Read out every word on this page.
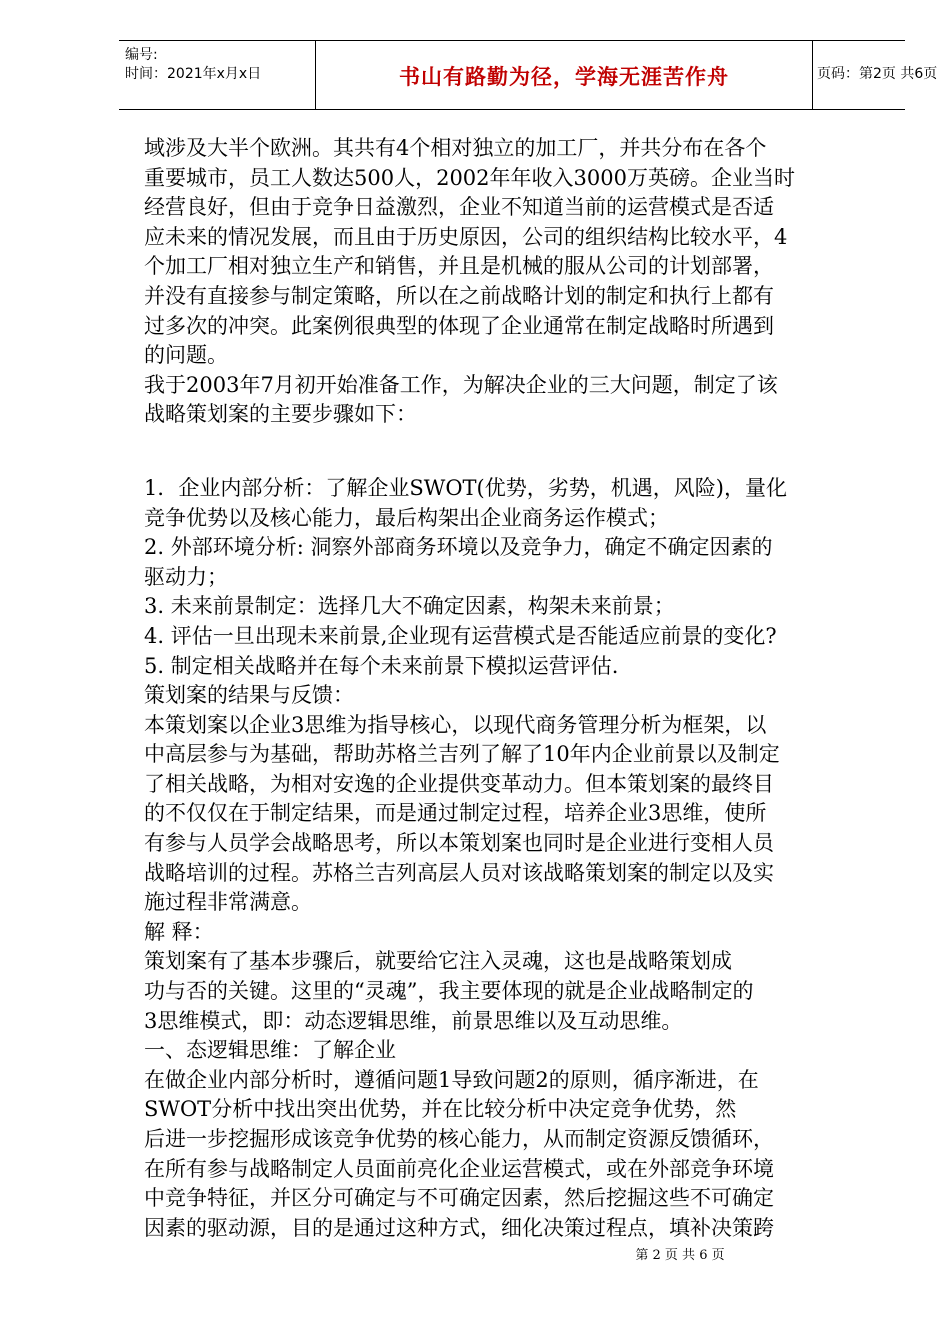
编号:
时间：2021年x月x日	书山有路勤为径，学海无涯苦作舟	页码：第2页 共6页
域涉及大半个欧洲。其共有4个相对独立的加工厂，并共分布在各个
重要城市，员工人数达500人，2002年年收入3000万英磅。企业当时
经营良好，但由于竞争日益激烈，企业不知道当前的运营模式是否适
应未来的情况发展，而且由于历史原因，公司的组织结构比较水平，4
个加工厂相对独立生产和销售，并且是机械的服从公司的计划部署，
并没有直接参与制定策略，所以在之前战略计划的制定和执行上都有
过多次的冲突。此案例很典型的体现了企业通常在制定战略时所遇到
的问题。
我于2003年7月初开始准备工作，为解决企业的三大问题，制定了该
战略策划案的主要步骤如下：
1．企业内部分析：了解企业SWOT(优势，劣势，机遇，风险)，量化
竞争优势以及核心能力，最后构架出企业商务运作模式；
2. 外部环境分析: 洞察外部商务环境以及竞争力，确定不确定因素的
驱动力；
3. 未来前景制定：选择几大不确定因素，构架未来前景；
4. 评估一旦出现未来前景,企业现有运营模式是否能适应前景的变化?
5. 制定相关战略并在每个未来前景下模拟运营评估.
策划案的结果与反馈：
本策划案以企业3思维为指导核心，以现代商务管理分析为框架，以
中高层参与为基础，帮助苏格兰吉列了解了10年内企业前景以及制定
了相关战略，为相对安逸的企业提供变革动力。但本策划案的最终目
的不仅仅在于制定结果，而是通过制定过程，培养企业3思维，使所
有参与人员学会战略思考，所以本策划案也同时是企业进行变相人员
战略培训的过程。苏格兰吉列高层人员对该战略策划案的制定以及实
施过程非常满意。
解 释：
策划案有了基本步骤后，就要给它注入灵魂，这也是战略策划成
功与否的关键。这里的“灵魂”，我主要体现的就是企业战略制定的
3思维模式，即：动态逻辑思维，前景思维以及互动思维。
一、态逻辑思维：了解企业
在做企业内部分析时，遵循问题1导致问题2的原则，循序渐进，在
SWOT分析中找出突出优势，并在比较分析中决定竞争优势，然
后进一步挖掘形成该竞争优势的核心能力，从而制定资源反馈循环，
在所有参与战略制定人员面前亮化企业运营模式，或在外部竞争环境
中竞争特征，并区分可确定与不可确定因素，然后挖掘这些不可确定
因素的驱动源，目的是通过这种方式，细化决策过程点，填补决策跨
第 2 页 共 6 页
